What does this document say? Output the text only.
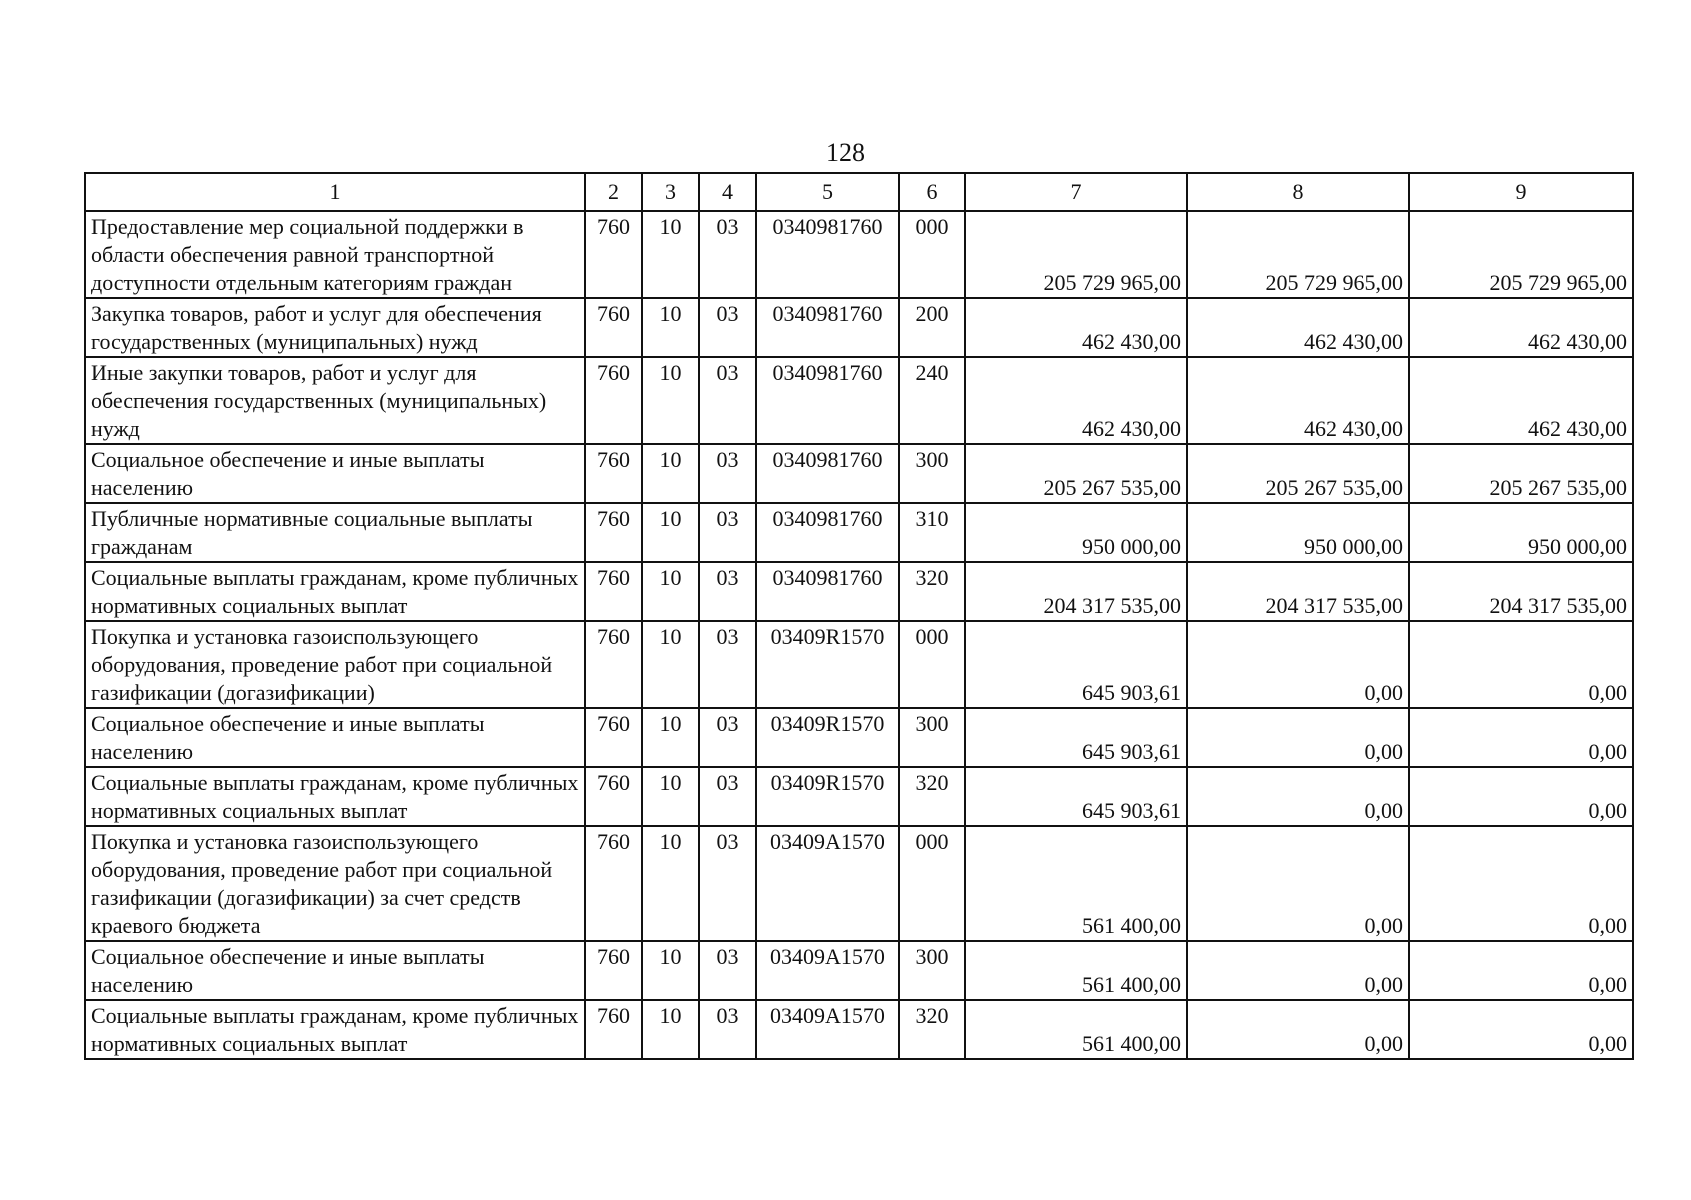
128
1	2	3	4	5	6	7	8	9
Предоставление мер социальной поддержки в области обеспечения равной транспортной доступности отдельным категориям граждан	760	10	03	0340981760	000	205 729 965,00	205 729 965,00	205 729 965,00
Закупка товаров, работ и услуг для обеспечения государственных (муниципальных) нужд	760	10	03	0340981760	200	462 430,00	462 430,00	462 430,00
Иные закупки товаров, работ и услуг для обеспечения государственных (муниципальных) нужд	760	10	03	0340981760	240	462 430,00	462 430,00	462 430,00
Социальное обеспечение и иные выплаты населению	760	10	03	0340981760	300	205 267 535,00	205 267 535,00	205 267 535,00
Публичные нормативные социальные выплаты гражданам	760	10	03	0340981760	310	950 000,00	950 000,00	950 000,00
Социальные выплаты гражданам, кроме публичных нормативных социальных выплат	760	10	03	0340981760	320	204 317 535,00	204 317 535,00	204 317 535,00
Покупка и установка газоиспользующего оборудования, проведение работ при социальной газификации (догазификации)	760	10	03	03409R1570	000	645 903,61	0,00	0,00
Социальное обеспечение и иные выплаты населению	760	10	03	03409R1570	300	645 903,61	0,00	0,00
Социальные выплаты гражданам, кроме публичных нормативных социальных выплат	760	10	03	03409R1570	320	645 903,61	0,00	0,00
Покупка и установка газоиспользующего оборудования, проведение работ при социальной газификации (догазификации) за счет средств краевого бюджета	760	10	03	03409A1570	000	561 400,00	0,00	0,00
Социальное обеспечение и иные выплаты населению	760	10	03	03409A1570	300	561 400,00	0,00	0,00
Социальные выплаты гражданам, кроме публичных нормативных социальных выплат	760	10	03	03409A1570	320	561 400,00	0,00	0,00
